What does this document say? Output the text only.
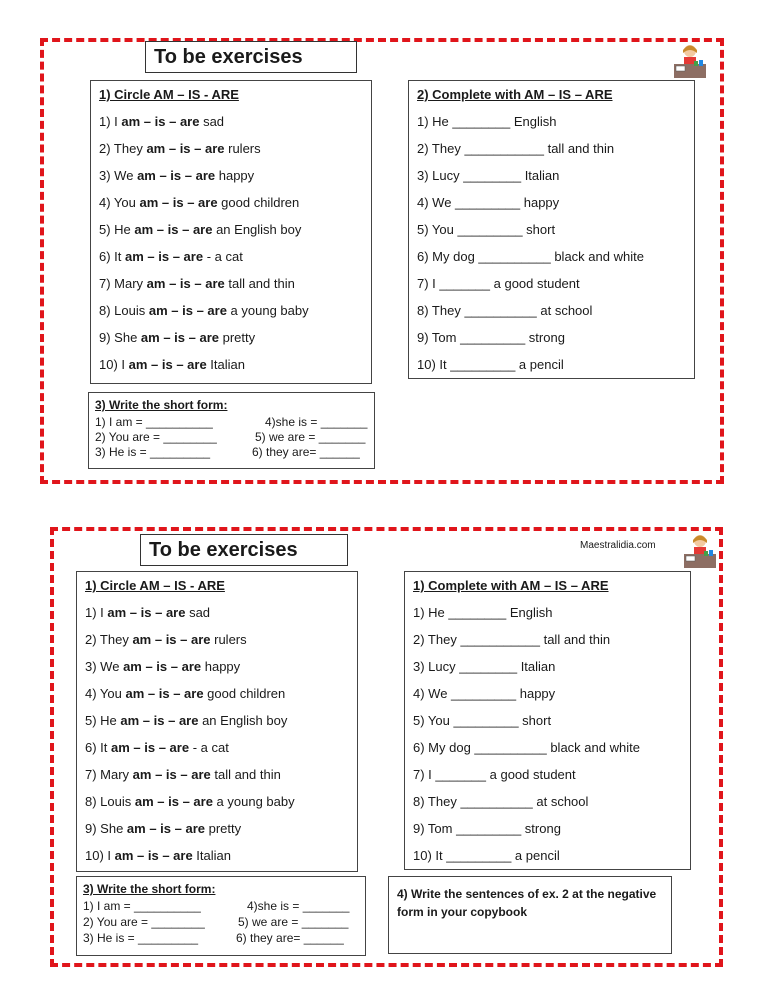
To be exercises
1) Circle AM – IS - ARE
1) I am – is – are sad
2) They am – is – are rulers
3) We am – is – are happy
4) You am – is – are good children
5) He am – is – are an English boy
6) It am – is – are - a cat
7) Mary am – is – are tall and thin
8) Louis am – is – are a young baby
9) She am – is – are pretty
10) I am – is – are Italian
2) Complete with AM – IS – ARE
1) He ________ English
2) They ___________ tall and thin
3) Lucy ________ Italian
4) We _________ happy
5) You _________ short
6) My dog __________ black and white
7) I _______ a good student
8) They __________ at school
9) Tom _________ strong
10) It _________ a pencil
3) Write the short form:
1) I am = __________	4)she is = _______
2) You are = ________	5) we are = _______
3) He is = _________	6) they are= ______
To be exercises	Maestralidia.com
1) Circle AM – IS - ARE
1) I am – is – are sad
2) They am – is – are rulers
3) We am – is – are happy
4) You am – is – are good children
5) He am – is – are an English boy
6) It am – is – are - a cat
7) Mary am – is – are tall and thin
8) Louis am – is – are a young baby
9) She am – is – are pretty
10) I am – is – are Italian
1) Complete with AM – IS – ARE
1) He ________ English
2) They ___________ tall and thin
3) Lucy ________ Italian
4) We _________ happy
5) You _________ short
6) My dog __________ black and white
7) I _______ a good student
8) They __________ at school
9) Tom _________ strong
10) It _________ a pencil
3) Write the short form:
1) I am = __________	4)she is = _______
2) You are = ________	5) we are = _______
3) He is = _________	6) they are= ______
4) Write the sentences of ex. 2 at the negative form in your copybook
